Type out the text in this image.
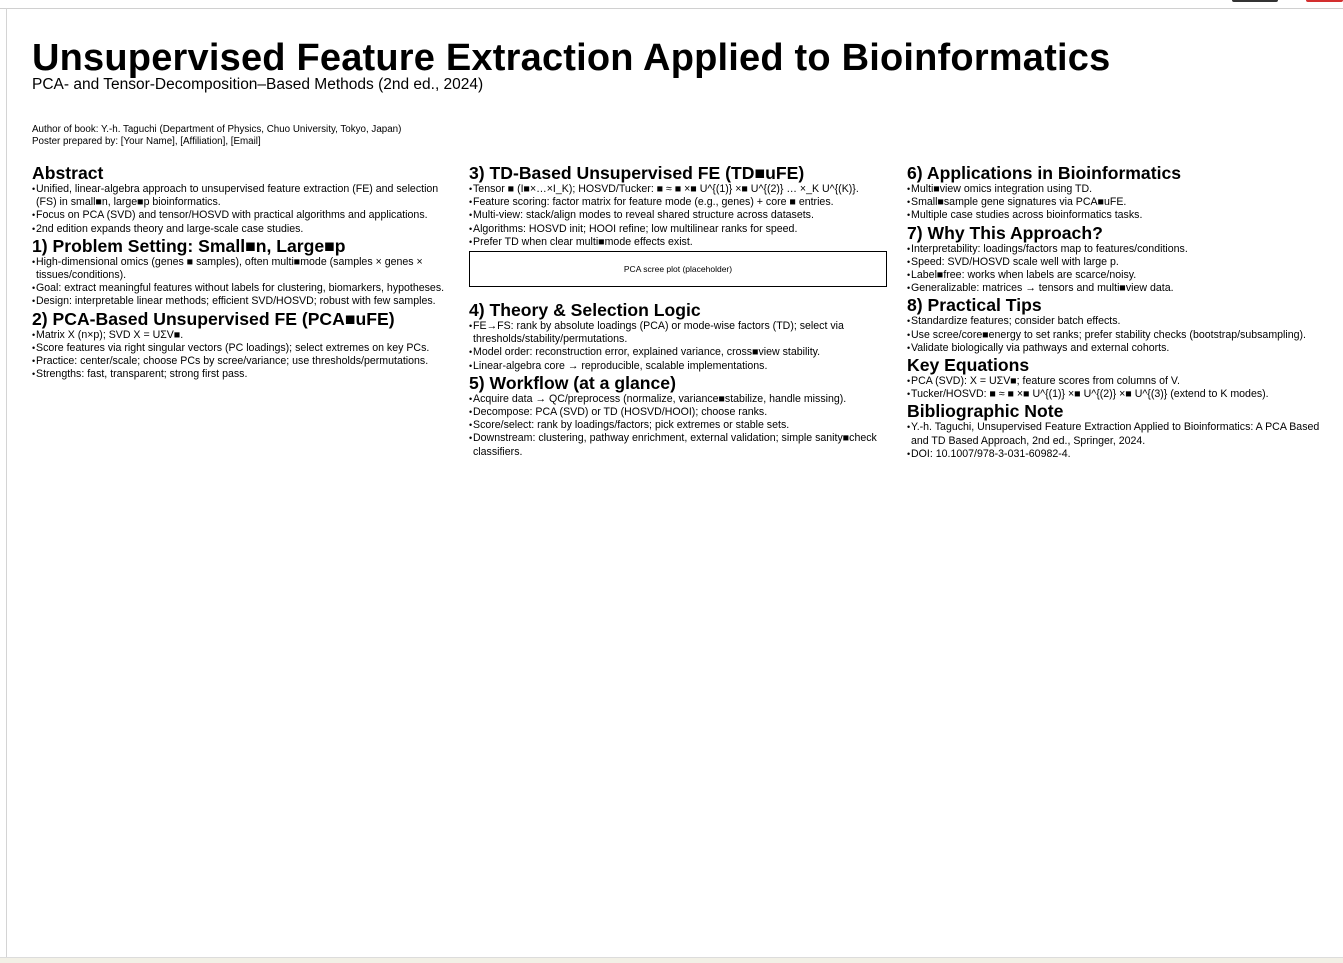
Unsupervised Feature Extraction Applied to Bioinformatics

PCA- and Tensor-Decomposition–Based Methods (2nd ed., 2024)

Author of book: Y.-h. Taguchi (Department of Physics, Chuo University, Tokyo, Japan)
Poster prepared by: [Your Name], [Affiliation], [Email]
Abstract
• Unified, linear-algebra approach to unsupervised feature extraction (FE) and selection (FS) in small■n, large■p bioinformatics.
• Focus on PCA (SVD) and tensor/HOSVD with practical algorithms and applications.
• 2nd edition expands theory and large-scale case studies.
1) Problem Setting: Small■n, Large■p
• High-dimensional omics (genes ■ samples), often multi■mode (samples × genes × tissues/conditions).
• Goal: extract meaningful features without labels for clustering, biomarkers, hypotheses.
• Design: interpretable linear methods; efficient SVD/HOSVD; robust with few samples.
2) PCA-Based Unsupervised FE (PCA■uFE)
• Matrix X (n×p); SVD X = UΣV■.
• Score features via right singular vectors (PC loadings); select extremes on key PCs.
• Practice: center/scale; choose PCs by scree/variance; use thresholds/permutations.
• Strengths: fast, transparent; strong first pass.
3) TD-Based Unsupervised FE (TD■uFE)
• Tensor ■ (I■×…×I_K); HOSVD/Tucker: ■ ≈ ■ ×■ U^{(1)} ×■ U^{(2)} … ×_K U^{(K)}.
• Feature scoring: factor matrix for feature mode (e.g., genes) + core ■ entries.
• Multi-view: stack/align modes to reveal shared structure across datasets.
• Algorithms: HOSVD init; HOOI refine; low multilinear ranks for speed.
• Prefer TD when clear multi■mode effects exist.
PCA scree plot (placeholder)
4) Theory & Selection Logic
• FE→FS: rank by absolute loadings (PCA) or mode-wise factors (TD); select via thresholds/stability/permutations.
• Model order: reconstruction error, explained variance, cross■view stability.
• Linear-algebra core → reproducible, scalable implementations.
5) Workflow (at a glance)
• Acquire data → QC/preprocess (normalize, variance■stabilize, handle missing).
• Decompose: PCA (SVD) or TD (HOSVD/HOOI); choose ranks.
• Score/select: rank by loadings/factors; pick extremes or stable sets.
• Downstream: clustering, pathway enrichment, external validation; simple sanity■check classifiers.
6) Applications in Bioinformatics
• Multi■view omics integration using TD.
• Small■sample gene signatures via PCA■uFE.
• Multiple case studies across bioinformatics tasks.
7) Why This Approach?
• Interpretability: loadings/factors map to features/conditions.
• Speed: SVD/HOSVD scale well with large p.
• Label■free: works when labels are scarce/noisy.
• Generalizable: matrices → tensors and multi■view data.
8) Practical Tips
• Standardize features; consider batch effects.
• Use scree/core■energy to set ranks; prefer stability checks (bootstrap/subsampling).
• Validate biologically via pathways and external cohorts.
Key Equations
• PCA (SVD): X = UΣV■; feature scores from columns of V.
• Tucker/HOSVD: ■ ≈ ■ ×■ U^{(1)} ×■ U^{(2)} ×■ U^{(3)} (extend to K modes).
Bibliographic Note
• Y.-h. Taguchi, Unsupervised Feature Extraction Applied to Bioinformatics: A PCA Based and TD Based Approach, 2nd ed., Springer, 2024.
• DOI: 10.1007/978-3-031-60982-4.
